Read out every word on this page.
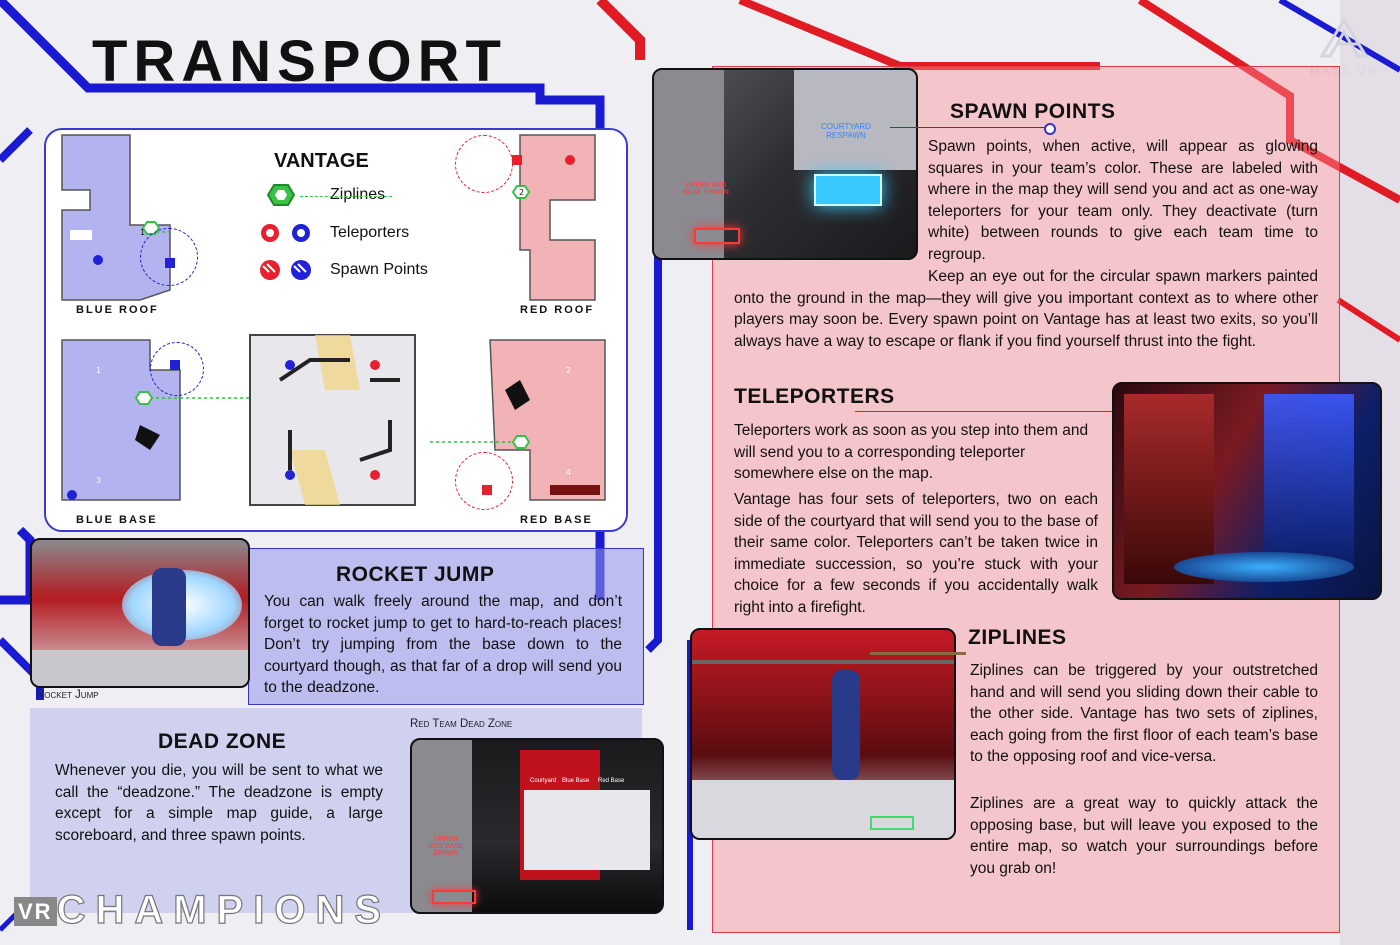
TRANSPORT	MASS VR
VANTAGE
Ziplines
Teleporters
Spawn Points
BLUE ROOF	RED ROOF
BLUE BASE	RED BASE
1
2
1	2
3
4
COURTYARD RESPAWN
UPPER RED BASE SPAWN
SPAWN POINTS
Spawn points, when active, will appear as glowing squares in your team’s color. These are labeled with where in the map they will send you and act as one-way teleporters for your team only. They deactivate (turn white) between rounds to give each team time to regroup.
Keep an eye out for the circular spawn markers painted onto the ground in the map—they will give you important context as to where other players may soon be. Every spawn point on Vantage has at least two exits, so you’ll always have a way to escape or flank if you find yourself thrust into the fight.
TELEPORTERS
Teleporters work as soon as you step into them and will send you to a corresponding teleporter somewhere else on the map.
Vantage has four sets of teleporters, two on each side of the courtyard that will send you to the base of their same color. Teleporters can’t be taken twice in immediate succession, so you’re stuck with your choice for a few seconds if you accidentally walk right into a firefight.
ZIPLINES
Ziplines can be triggered by your outstretched hand and will send you sliding down their cable to the other side. Vantage has two sets of ziplines, each going from the first floor of each team’s base to the opposing roof and vice-versa.
Ziplines are a great way to quickly attack the opposing base, but will leave you exposed to the entire map, so watch your surroundings before you grab on!
Rocket Jump
ROCKET JUMP
You can walk freely around the map, and don’t forget to rocket jump to get to hard-to-reach places! Don’t try jumping from the base down to the courtyard though, as that far of a drop will send you to the deadzone.
DEAD ZONE
Whenever you die, you will be sent to what we call the “deadzone.” The deadzone is empty except for a simple map guide, a large scoreboard, and three spawn points.
Red Team Dead Zone
Courtyard Blue Base Red Base
UPPER RED BASE SPAWN
VR CHAMPIONS
